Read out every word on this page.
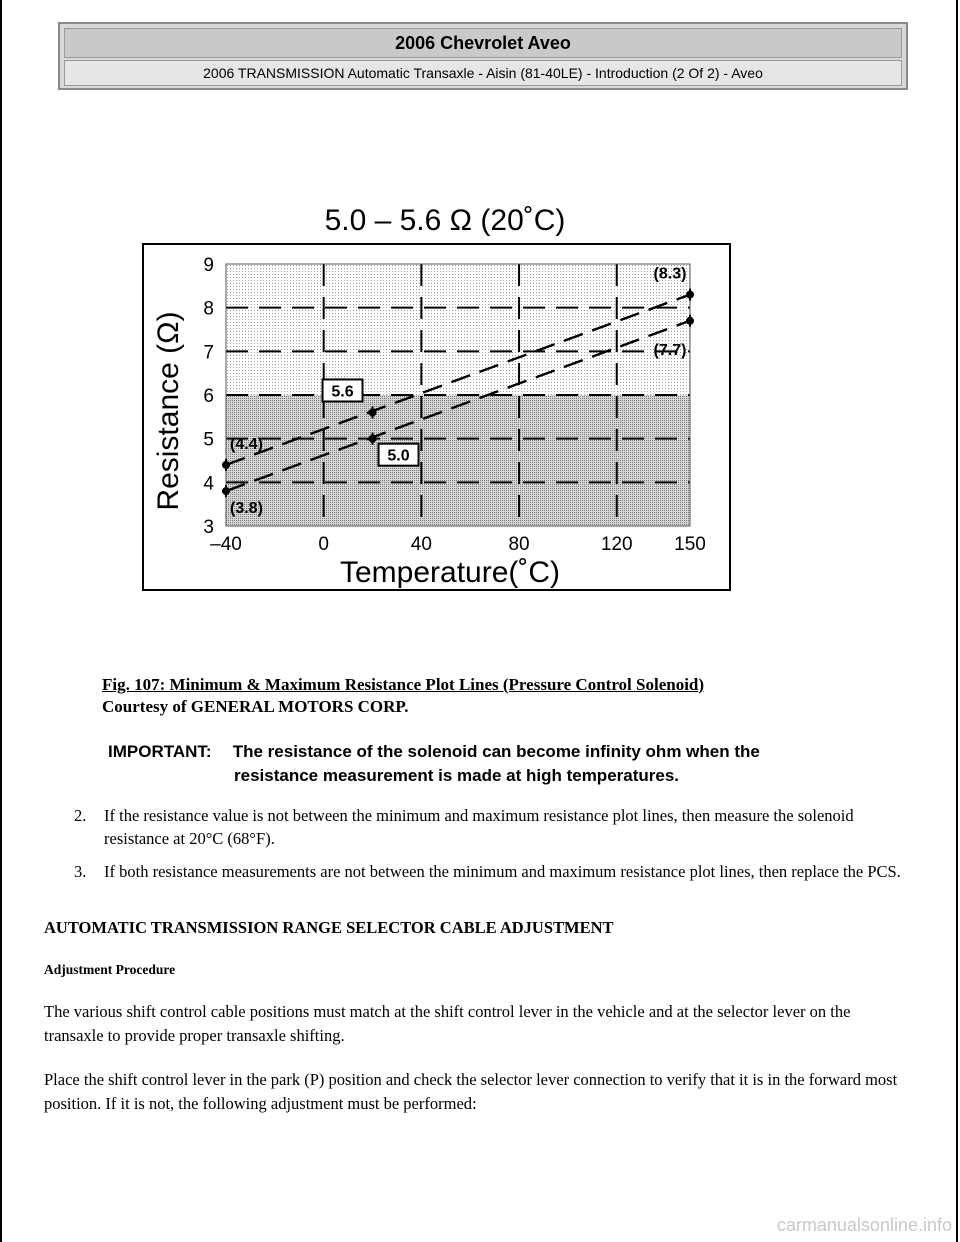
2006 Chevrolet Aveo
2006 TRANSMISSION Automatic Transaxle - Aisin (81-40LE) - Introduction (2 Of 2) - Aveo
5.0 – 5.6 Ω (20˚C)
3
4
5
6
7
8
9
–40	0	40	80	120 150
(4.4)
5.6
(8.3)
(3.8)
5.0
(7.7)
Temperature(˚C)
Resistance (Ω)
Fig. 107: Minimum & Maximum Resistance Plot Lines (Pressure Control Solenoid)
Courtesy of GENERAL MOTORS CORP.
IMPORTANT: The resistance of the solenoid can become infinity ohm when the
resistance measurement is made at high temperatures.
2. If the resistance value is not between the minimum and maximum resistance plot lines, then measure the solenoid resistance at 20°C (68°F).
3. If both resistance measurements are not between the minimum and maximum resistance plot lines, then replace the PCS.
AUTOMATIC TRANSMISSION RANGE SELECTOR CABLE ADJUSTMENT
Adjustment Procedure

The various shift control cable positions must match at the shift control lever in the vehicle and at the selector lever on the transaxle to provide proper transaxle shifting.

Place the shift control lever in the park (P) position and check the selector lever connection to verify that it is in the forward most position. If it is not, the following adjustment must be performed:

carmanualsonline.info
